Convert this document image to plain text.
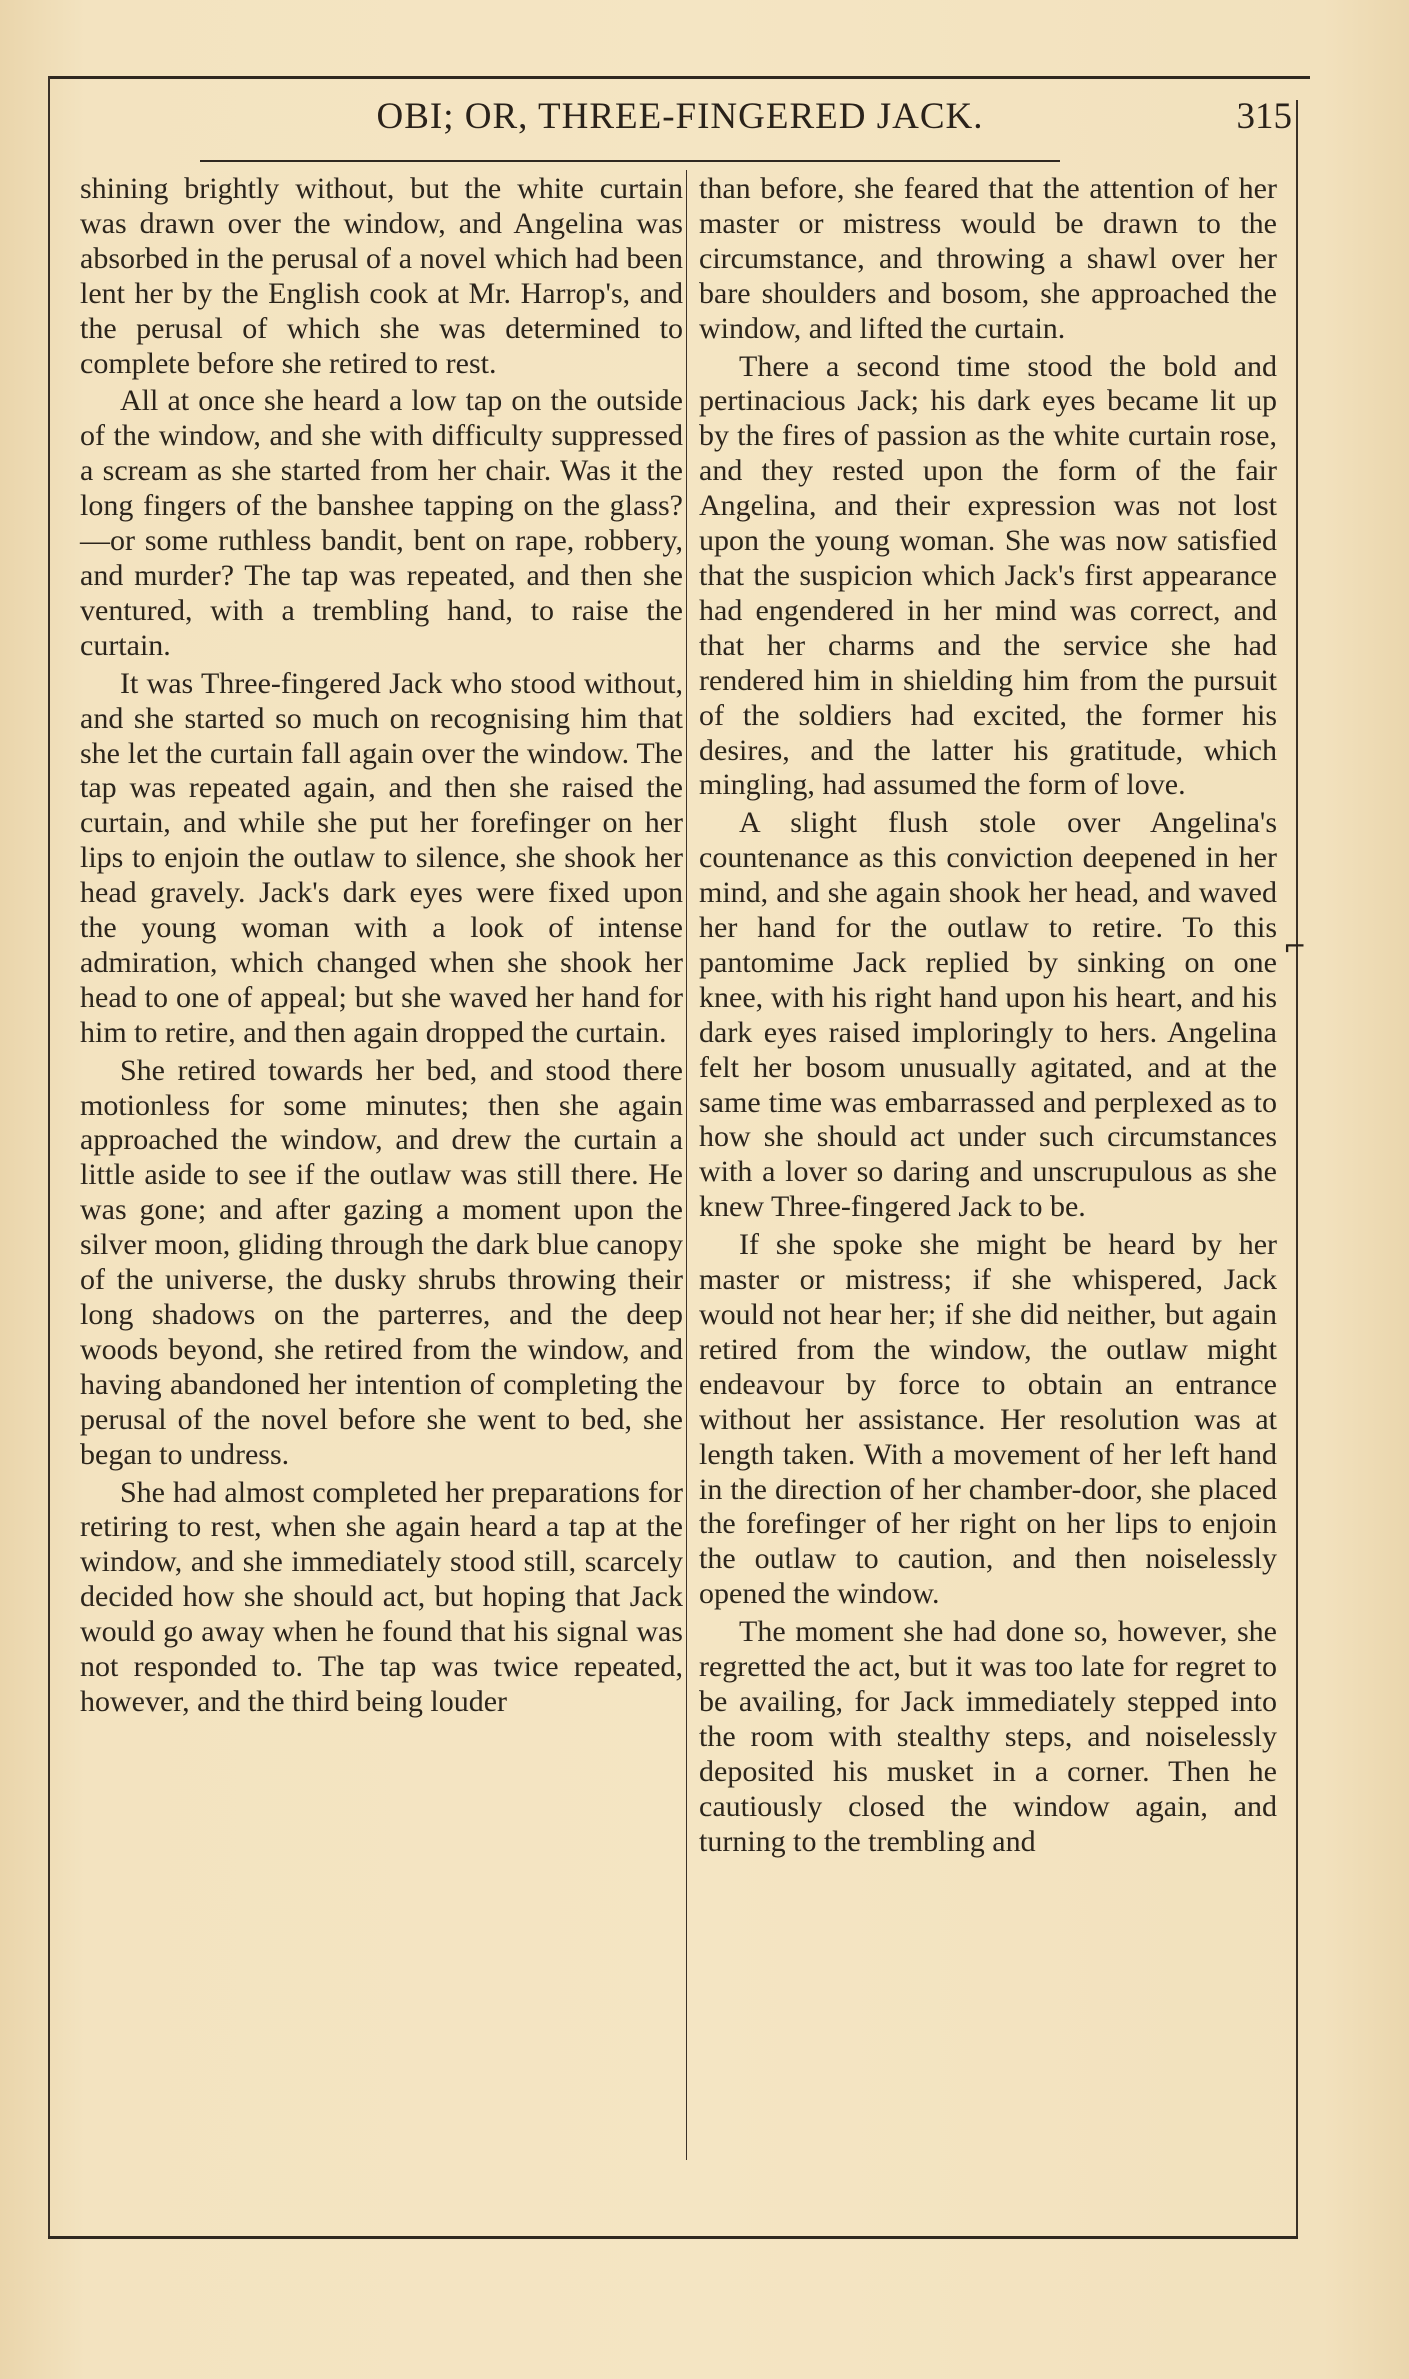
OBI; OR, THREE-FINGERED JACK.	315

shining brightly without, but the white curtain was drawn over the window, and Angelina was absorbed in the perusal of a novel which had been lent her by the English cook at Mr. Harrop's, and the perusal of which she was determined to complete before she retired to rest.

All at once she heard a low tap on the outside of the window, and she with difficulty suppressed a scream as she started from her chair. Was it the long fingers of the banshee tapping on the glass?—or some ruthless bandit, bent on rape, robbery, and murder? The tap was repeated, and then she ventured, with a trembling hand, to raise the curtain.

It was Three-fingered Jack who stood without, and she started so much on recognising him that she let the curtain fall again over the window. The tap was repeated again, and then she raised the curtain, and while she put her forefinger on her lips to enjoin the outlaw to silence, she shook her head gravely. Jack's dark eyes were fixed upon the young woman with a look of intense admiration, which changed when she shook her head to one of appeal; but she waved her hand for him to retire, and then again dropped the curtain.

She retired towards her bed, and stood there motionless for some minutes; then she again approached the window, and drew the curtain a little aside to see if the outlaw was still there. He was gone; and after gazing a moment upon the silver moon, gliding through the dark blue canopy of the universe, the dusky shrubs throwing their long shadows on the parterres, and the deep woods beyond, she retired from the window, and having abandoned her intention of completing the perusal of the novel before she went to bed, she began to undress.

She had almost completed her preparations for retiring to rest, when she again heard a tap at the window, and she immediately stood still, scarcely decided how she should act, but hoping that Jack would go away when he found that his signal was not responded to. The tap was twice repeated, however, and the third being louder

than before, she feared that the attention of her master or mistress would be drawn to the circumstance, and throwing a shawl over her bare shoulders and bosom, she approached the window, and lifted the curtain.

There a second time stood the bold and pertinacious Jack; his dark eyes became lit up by the fires of passion as the white curtain rose, and they rested upon the form of the fair Angelina, and their expression was not lost upon the young woman. She was now satisfied that the suspicion which Jack's first appearance had engendered in her mind was correct, and that her charms and the service she had rendered him in shielding him from the pursuit of the soldiers had excited, the former his desires, and the latter his gratitude, which mingling, had assumed the form of love.

A slight flush stole over Angelina's countenance as this conviction deepened in her mind, and she again shook her head, and waved her hand for the outlaw to retire. To this pantomime Jack replied by sinking on one knee, with his right hand upon his heart, and his dark eyes raised imploringly to hers. Angelina felt her bosom unusually agitated, and at the same time was embarrassed and perplexed as to how she should act under such circumstances with a lover so daring and unscrupulous as she knew Three-fingered Jack to be.

If she spoke she might be heard by her master or mistress; if she whispered, Jack would not hear her; if she did neither, but again retired from the window, the outlaw might endeavour by force to obtain an entrance without her assistance. Her resolution was at length taken. With a movement of her left hand in the direction of her chamber-door, she placed the forefinger of her right on her lips to enjoin the outlaw to caution, and then noiselessly opened the window.

The moment she had done so, however, she regretted the act, but it was too late for regret to be availing, for Jack immediately stepped into the room with stealthy steps, and noiselessly deposited his musket in a corner. Then he cautiously closed the window again, and turning to the trembling and

⌐
